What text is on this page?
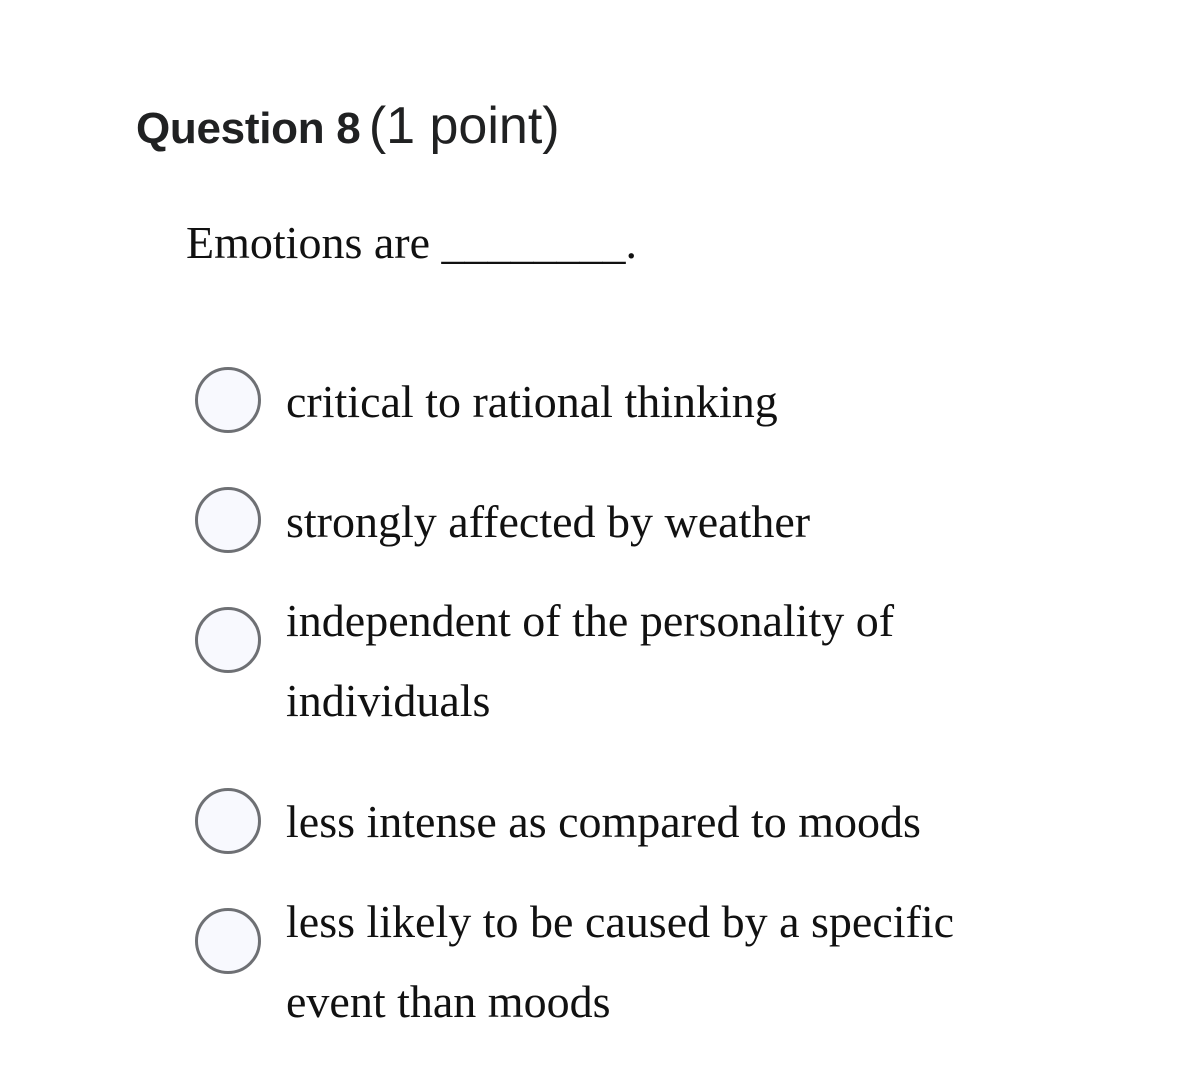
Question 8 (1 point)
Emotions are ________.
critical to rational thinking
strongly affected by weather
independent of the personality of individuals
less intense as compared to moods
less likely to be caused by a specific event than moods
